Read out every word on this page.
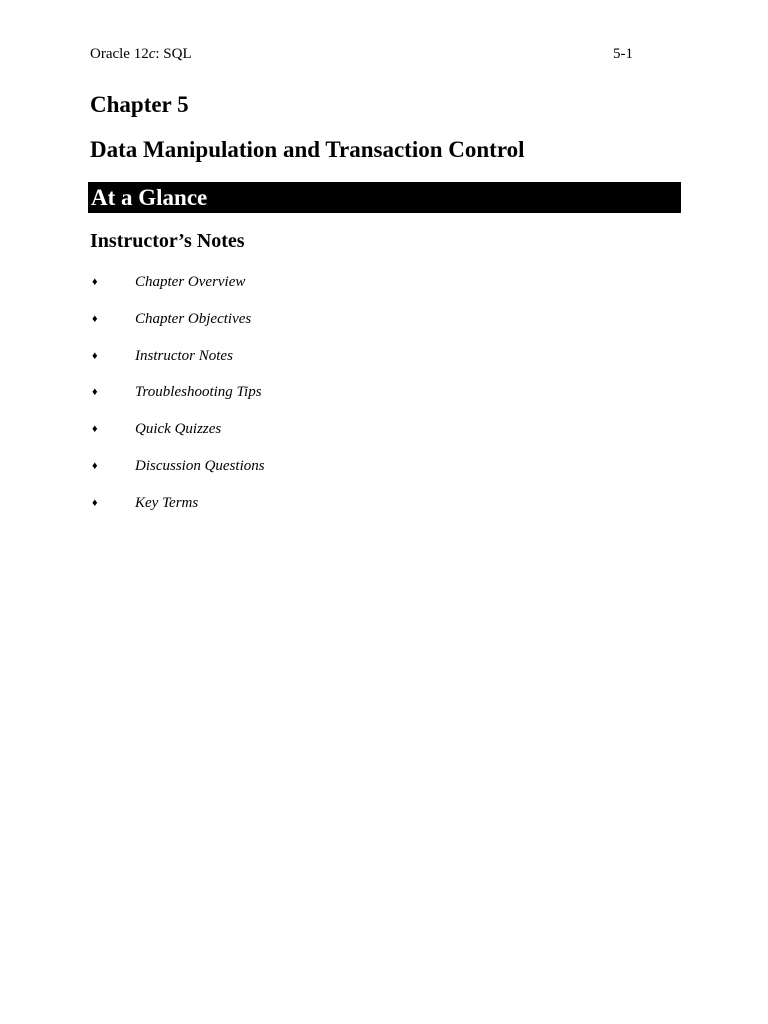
Oracle 12c: SQL	5-1
Chapter 5
Data Manipulation and Transaction Control
At a Glance
Instructor’s Notes
♦	Chapter Overview
♦	Chapter Objectives
♦	Instructor Notes
♦	Troubleshooting Tips
♦	Quick Quizzes
♦	Discussion Questions
♦	Key Terms
